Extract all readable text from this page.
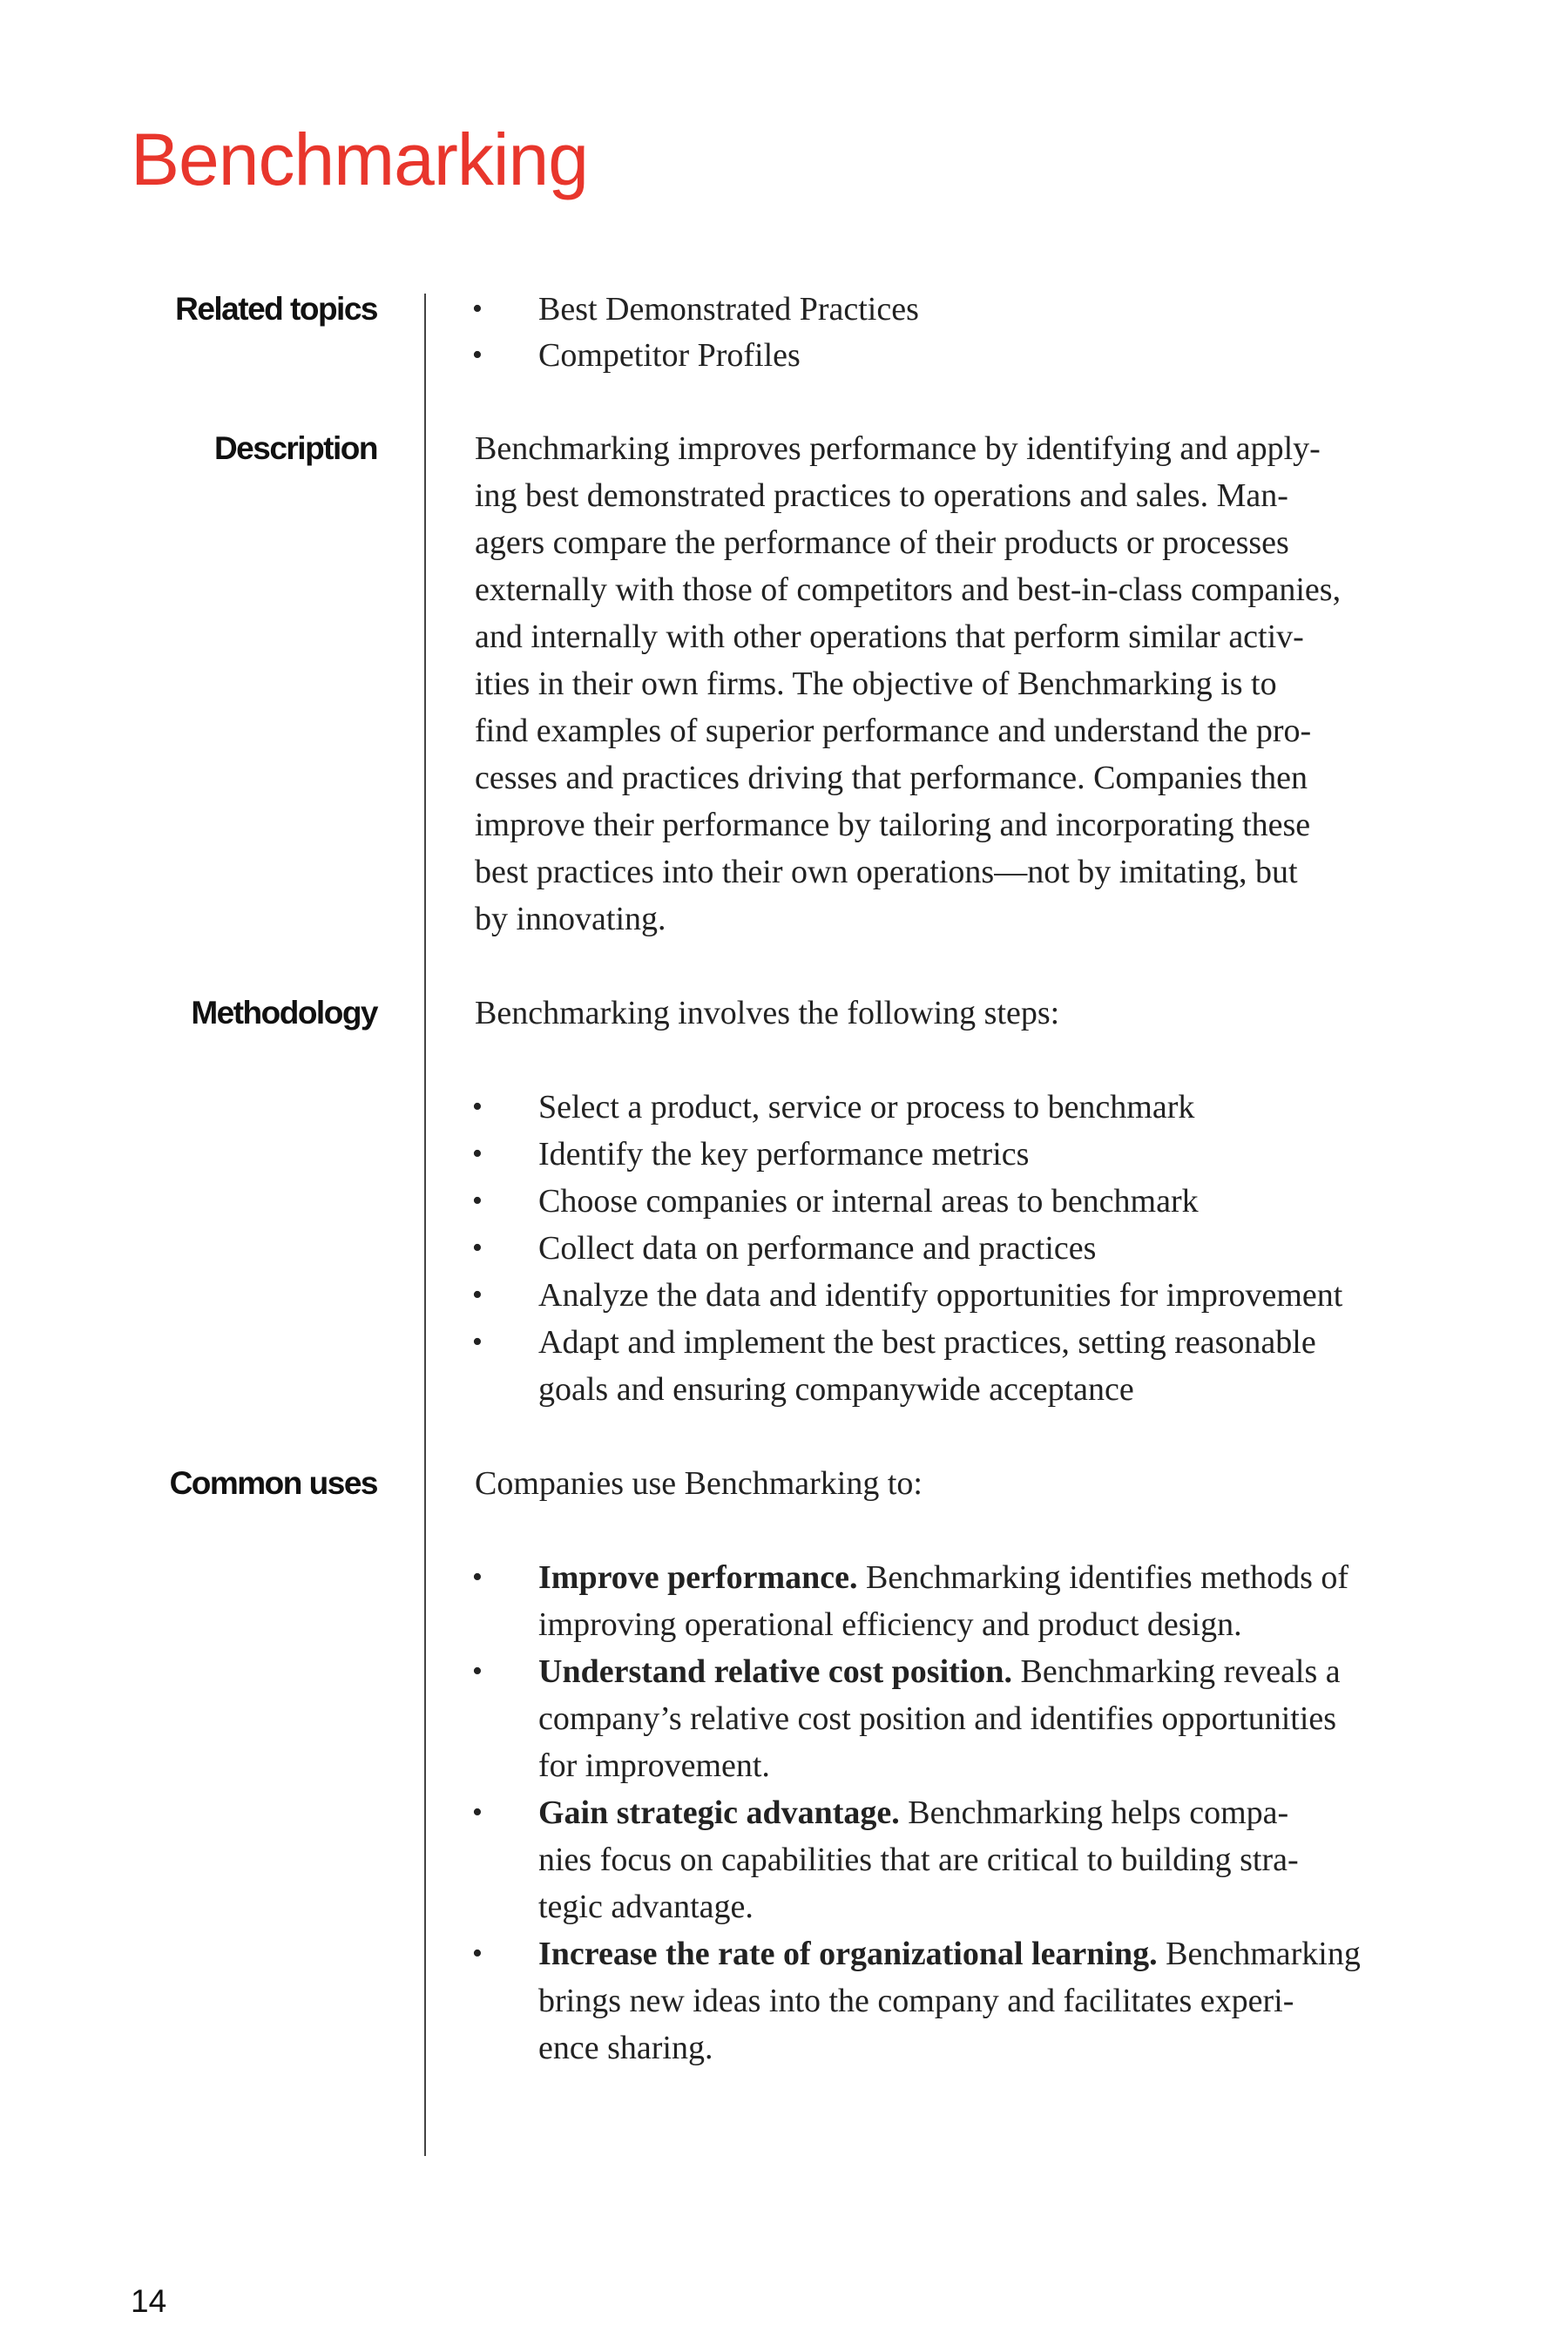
Benchmarking
Related topics	• Best Demonstrated Practices
• Competitor Profiles
Description	Benchmarking improves performance by identifying and apply-
ing best demonstrated practices to operations and sales. Man-
agers compare the performance of their products or processes
externally with those of competitors and best-in-class companies,
and internally with other operations that perform similar activ-
ities in their own firms. The objective of Benchmarking is to
find examples of superior performance and understand the pro-
cesses and practices driving that performance. Companies then
improve their performance by tailoring and incorporating these
best practices into their own operations—not by imitating, but
by innovating.
Methodology	Benchmarking involves the following steps:
• Select a product, service or process to benchmark
• Identify the key performance metrics
• Choose companies or internal areas to benchmark
• Collect data on performance and practices
• Analyze the data and identify opportunities for improvement
• Adapt and implement the best practices, setting reasonable
goals and ensuring companywide acceptance
Common uses	Companies use Benchmarking to:
• Improve performance. Benchmarking identifies methods of
improving operational efficiency and product design.
• Understand relative cost position. Benchmarking reveals a
company’s relative cost position and identifies opportunities
for improvement.
• Gain strategic advantage. Benchmarking helps compa-
nies focus on capabilities that are critical to building stra-
tegic advantage.
• Increase the rate of organizational learning. Benchmarking
brings new ideas into the company and facilitates experi-
ence sharing.
14
